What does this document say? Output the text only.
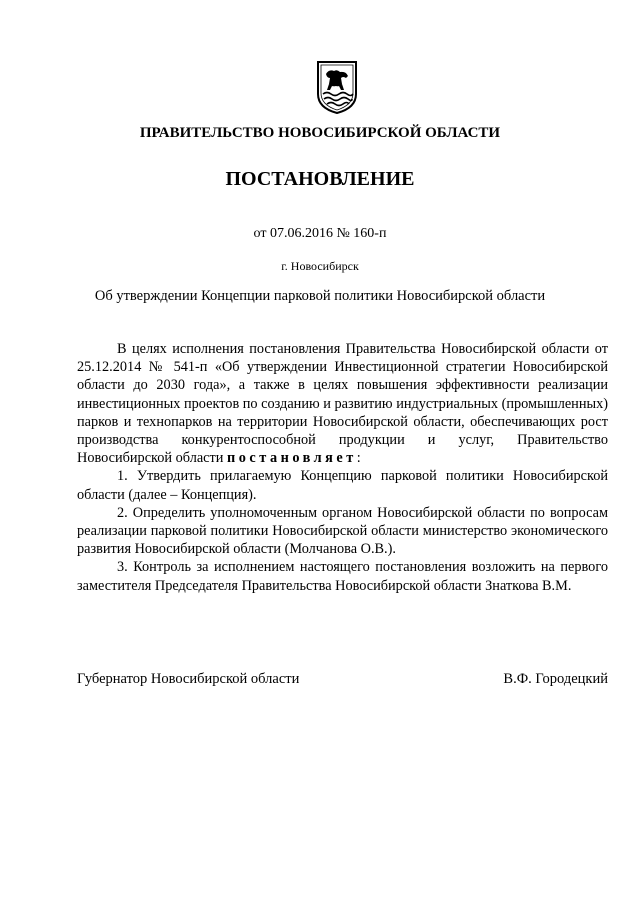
ПРАВИТЕЛЬСТВО НОВОСИБИРСКОЙ ОБЛАСТИ
ПОСТАНОВЛЕНИЕ
от 07.06.2016 № 160-п
г. Новосибирск
Об утверждении Концепции парковой политики Новосибирской области

В целях исполнения постановления Правительства Новосибирской области от 25.12.2014 № 541-п «Об утверждении Инвестиционной стратегии Новосибирской области до 2030 года», а также в целях повышения эффективности реализации инвестиционных проектов по созданию и развитию индустриальных (промышленных) парков и технопарков на территории Новосибирской области, обеспечивающих рост производства конкурентоспособной продукции и услуг, Правительство Новосибирской области постановляет:

1. Утвердить прилагаемую Концепцию парковой политики Новосибирской области (далее – Концепция).

2. Определить уполномоченным органом Новосибирской области по вопросам реализации парковой политики Новосибирской области министерство экономического развития Новосибирской области (Молчанова О.В.).

3. Контроль за исполнением настоящего постановления возложить на первого заместителя Председателя Правительства Новосибирской области Знаткова В.М.

Губернатор Новосибирской области	В.Ф. Городецкий
